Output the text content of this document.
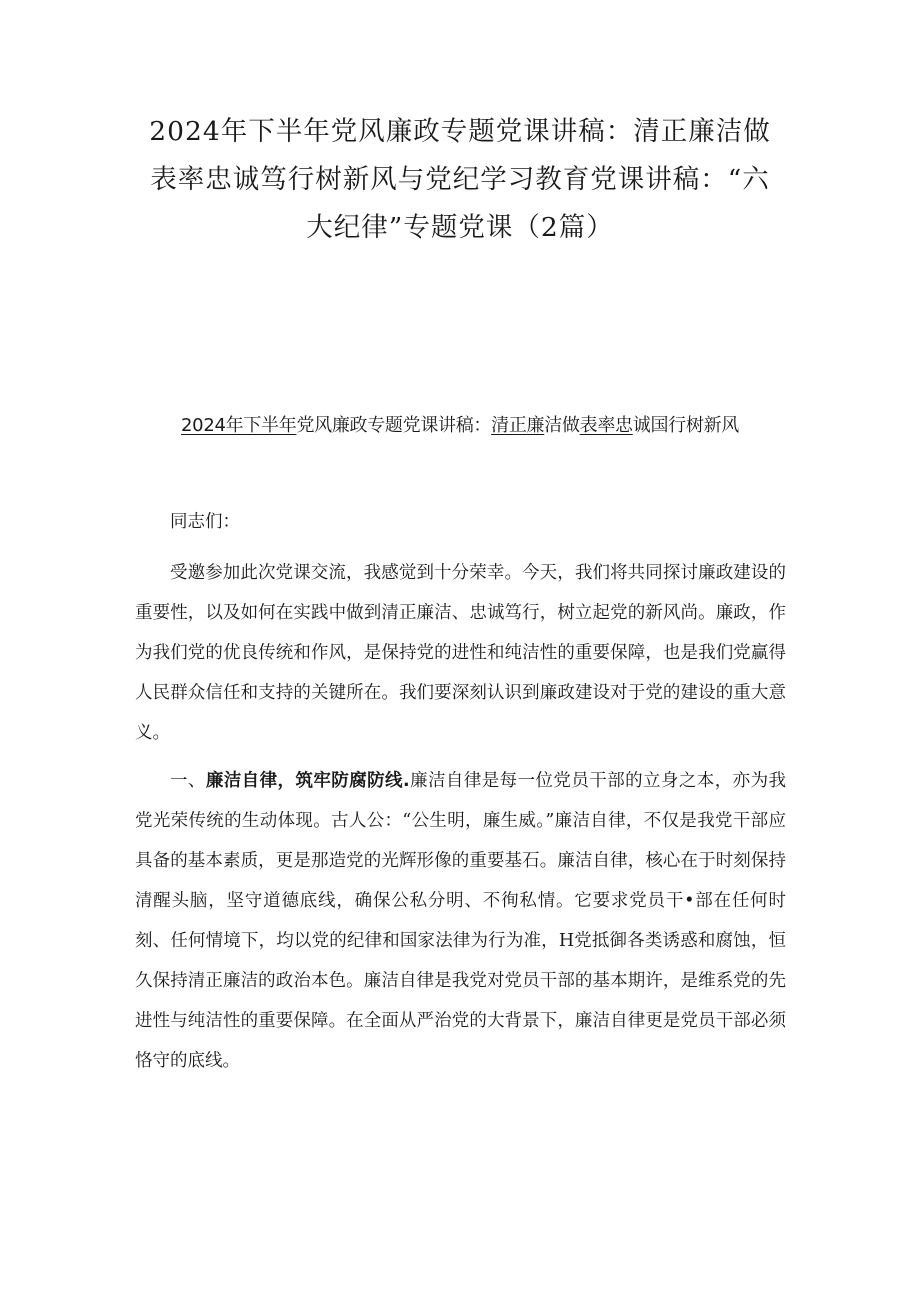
2024年下半年党风廉政专题党课讲稿：清正廉洁做表率忠诚笃行树新风与党纪学习教育党课讲稿：“六大纪律”专题党课（2篇）
2024年下半年党风廉政专题党课讲稿：清正廉洁做表率忠诚国行树新风

同志们：

受邀参加此次党课交流，我感觉到十分荣幸。今天，我们将共同探讨廉政建设的重要性，以及如何在实践中做到清正廉洁、忠诚笃行，树立起党的新风尚。廉政，作为我们党的优良传统和作风，是保持党的进性和纯洁性的重要保障，也是我们党赢得人民群众信任和支持的关键所在。我们要深刻认识到廉政建设对于党的建设的重大意义。

一、廉洁自律，筑牢防腐防线.廉洁自律是每一位党员干部的立身之本，亦为我党光荣传统的生动体现。古人公：“公生明，廉生威。”廉洁自律，不仅是我党干部应具备的基本素质，更是那造党的光辉形像的重要基石。廉洁自律，核心在于时刻保持清醒头脑，坚守道德底线，确保公私分明、不徇私情。它要求党员干•部在任何时刻、任何情境下，均以党的纪律和国家法律为行为准，H党抵御各类诱惑和腐蚀，恒久保持清正廉洁的政治本色。廉洁自律是我党对党员干部的基本期许，是维系党的先进性与纯洁性的重要保障。在全面从严治党的大背景下，廉洁自律更是党员干部必须恪守的底线。
